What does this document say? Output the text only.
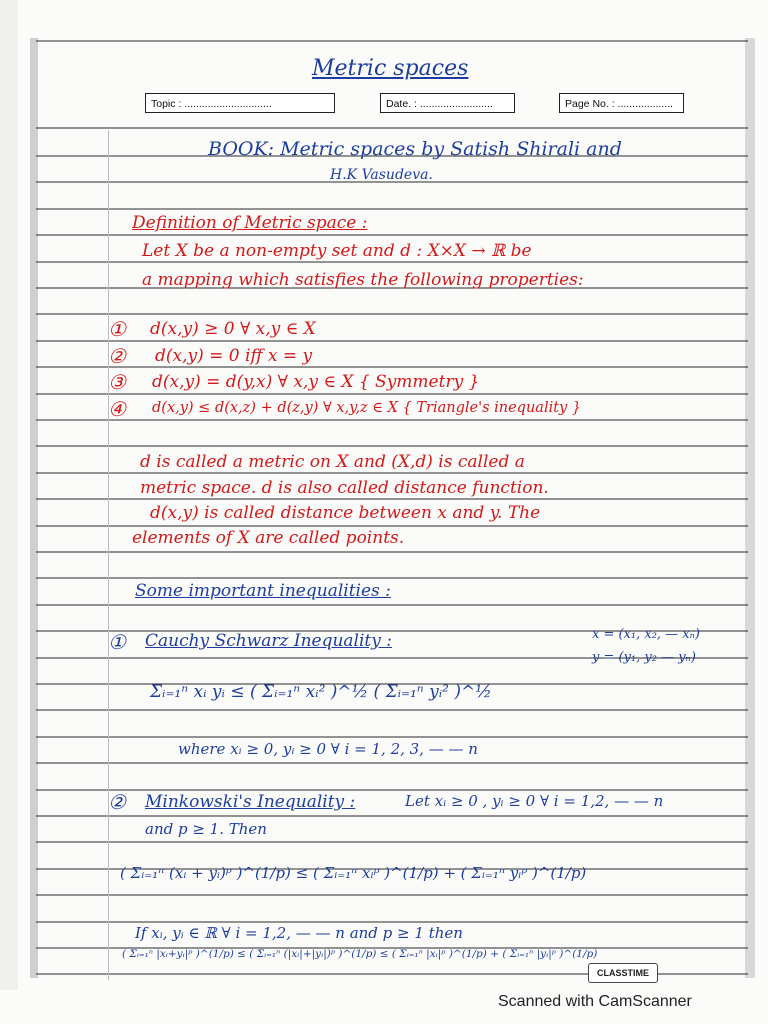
Metric spaces
Topic : ..............................	Date. : .........................	Page No. : ...................
BOOK: Metric spaces by Satish Shirali and
H.K Vasudeva.
Definition of Metric space :
Let X be a non-empty set and d : X×X → ℝ be
a mapping which satisfies the following properties:
① d(x,y) ≥ 0 ∀ x,y ∈ X
② d(x,y) = 0 iff x = y
③ d(x,y) = d(y,x) ∀ x,y ∈ X { Symmetry }
④ d(x,y) ≤ d(x,z) + d(z,y) ∀ x,y,z ∈ X { Triangle's inequality }
d is called a metric on X and (X,d) is called a
metric space. d is also called distance function.
d(x,y) is called distance between x and y. The
elements of X are called points.
Some important inequalities :
① Cauchy Schwarz Inequality :	x = (x₁, x₂, — xₙ)
y = (y₁, y₂ — yₙ)
Σᵢ₌₁ⁿ xᵢ yᵢ ≤ ( Σᵢ₌₁ⁿ xᵢ² )^½ ( Σᵢ₌₁ⁿ yᵢ² )^½
where xᵢ ≥ 0, yᵢ ≥ 0 ∀ i = 1, 2, 3, — — n
② Minkowski's Inequality :	Let xᵢ ≥ 0 , yᵢ ≥ 0 ∀ i = 1,2, — — n
and p ≥ 1. Then
( Σᵢ₌₁ⁿ (xᵢ + yᵢ)ᵖ )^(1/p) ≤ ( Σᵢ₌₁ⁿ xᵢᵖ )^(1/p) + ( Σᵢ₌₁ⁿ yᵢᵖ )^(1/p)
If xᵢ, yᵢ ∈ ℝ ∀ i = 1,2, — — n and p ≥ 1 then
( Σᵢ₌₁ⁿ |xᵢ+yᵢ|ᵖ )^(1/p) ≤ ( Σᵢ₌₁ⁿ (|xᵢ|+|yᵢ|)ᵖ )^(1/p) ≤ ( Σᵢ₌₁ⁿ |xᵢ|ᵖ )^(1/p) + ( Σᵢ₌₁ⁿ |yᵢ|ᵖ )^(1/p)
CLASSTIME
Scanned with CamScanner
